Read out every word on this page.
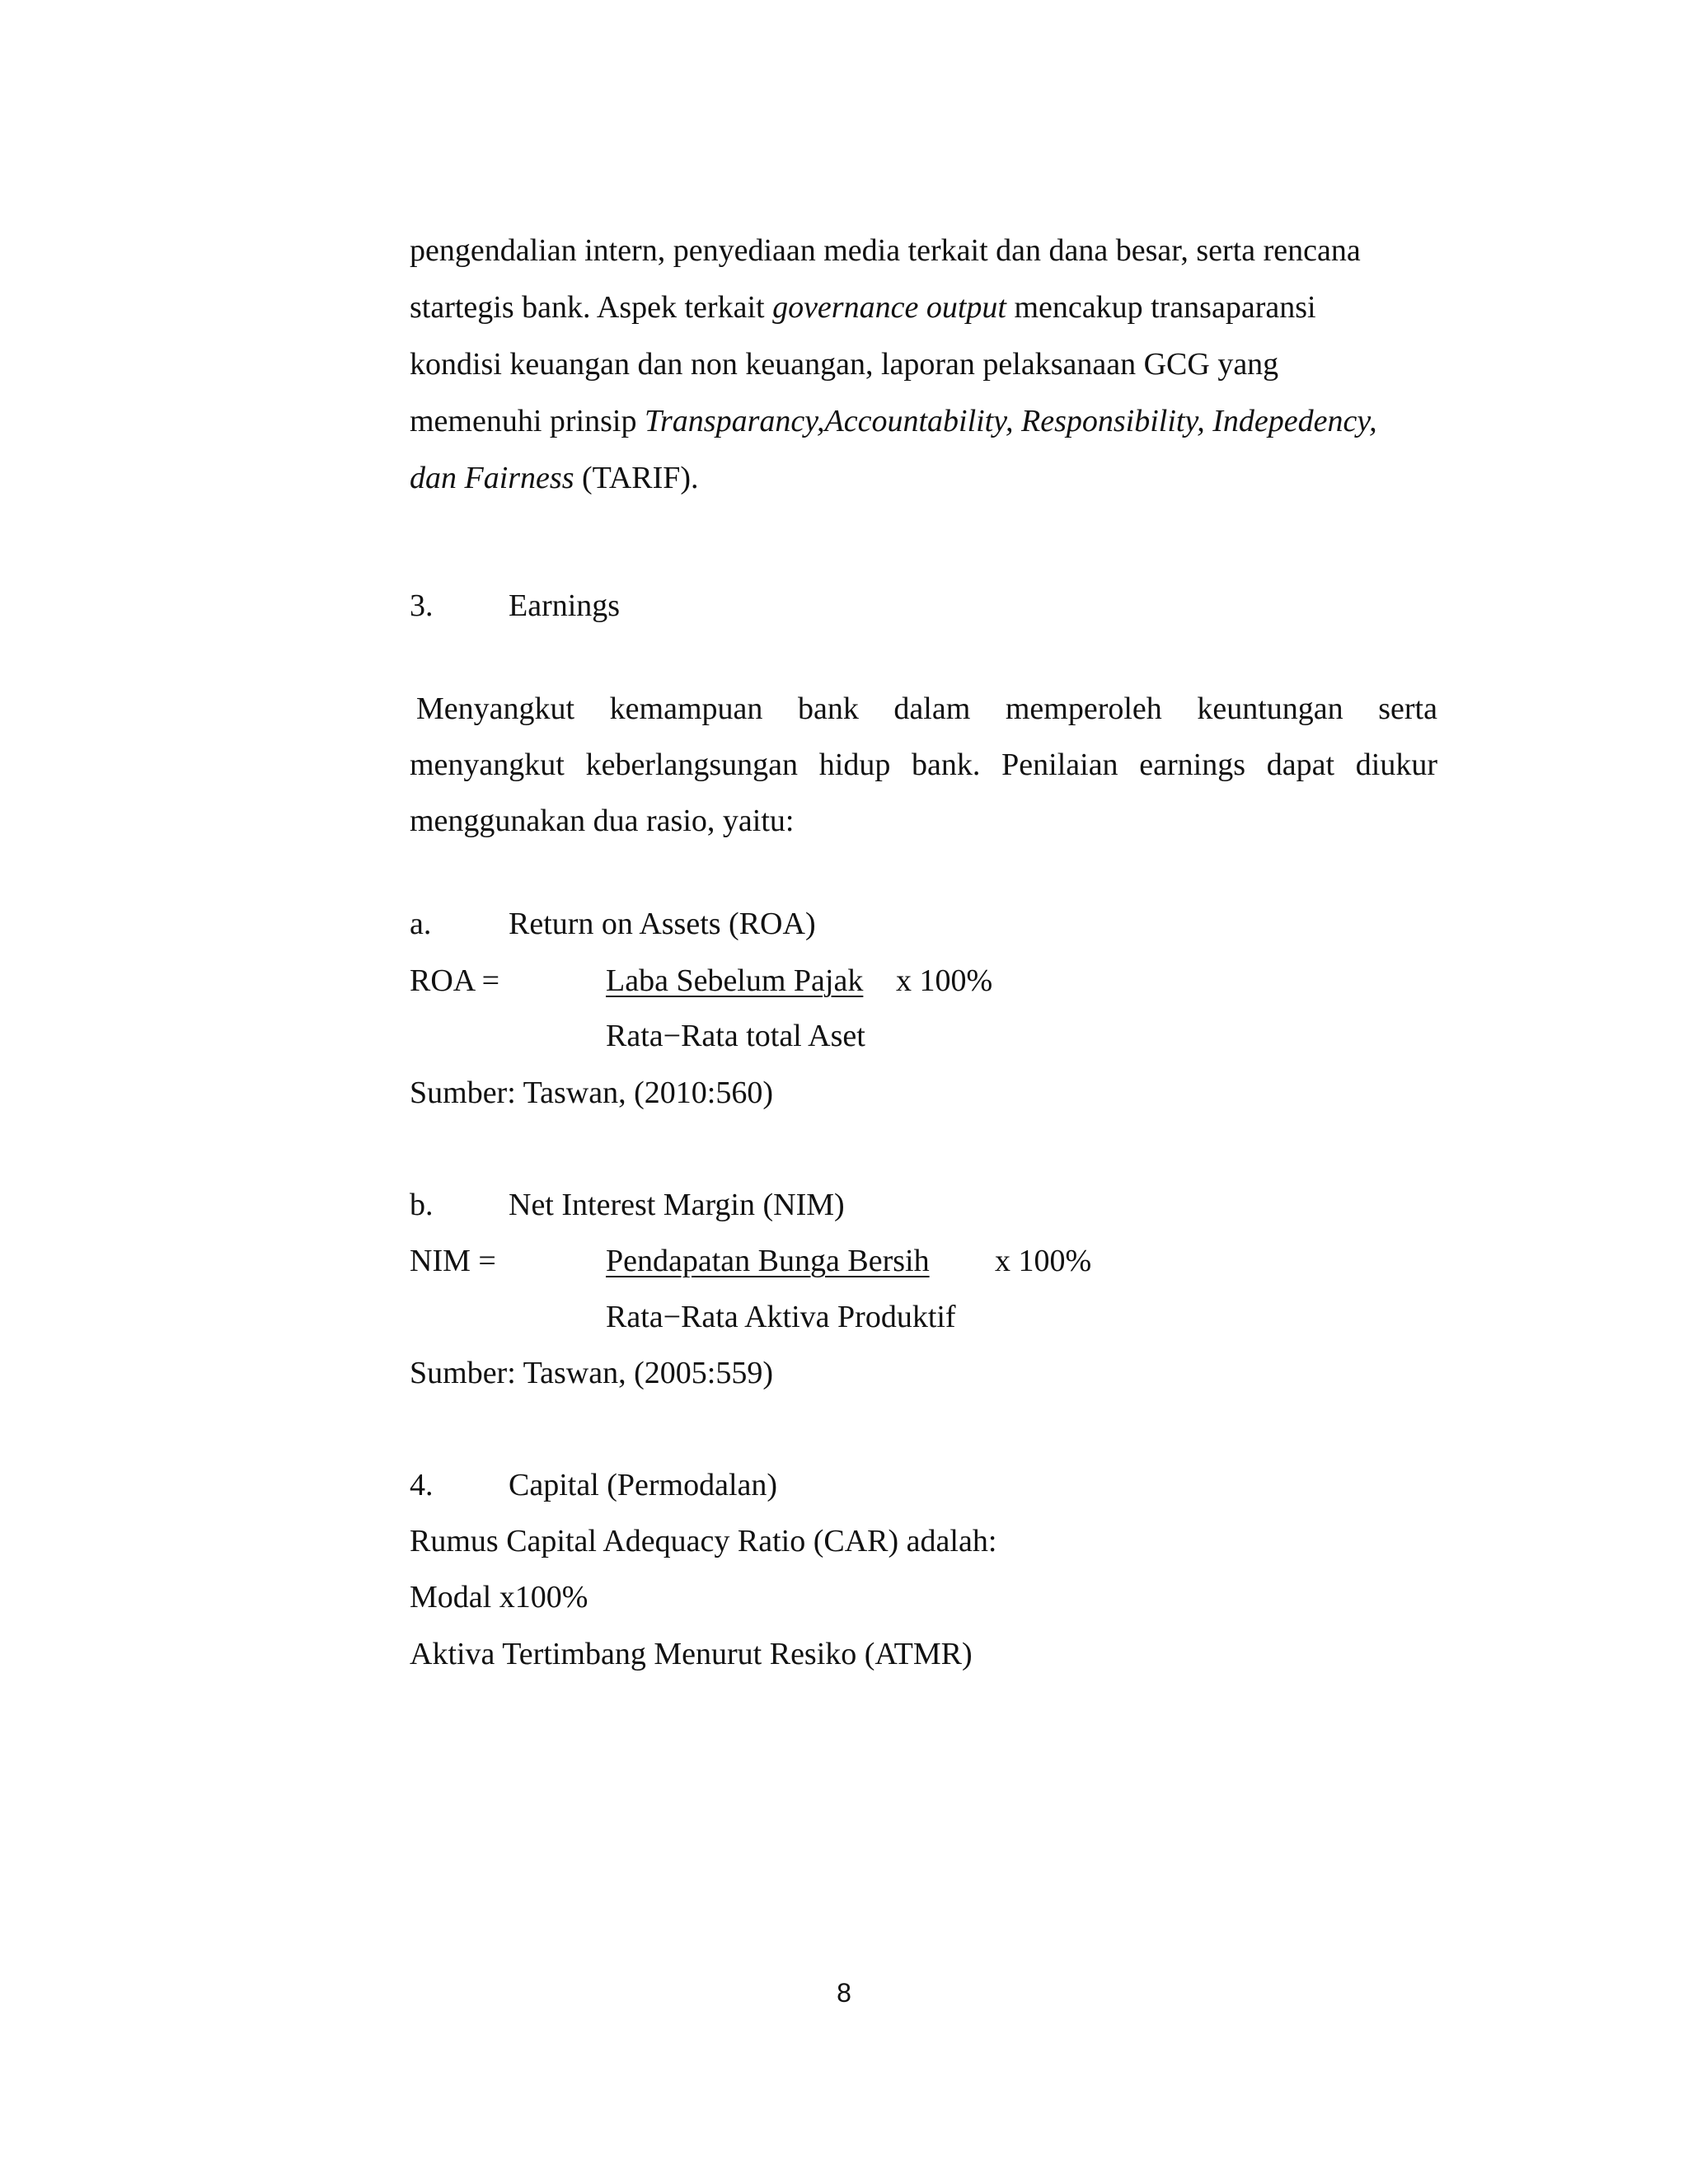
pengendalian intern, penyediaan media terkait dan dana besar, serta rencana

startegis bank. Aspek terkait governance output mencakup transaparansi

kondisi keuangan dan non keuangan, laporan pelaksanaan GCG yang

memenuhi prinsip Transparancy,Accountability, Responsibility, Indepedency,

dan Fairness (TARIF).

3. Earnings

Menyangkut kemampuan bank dalam memperoleh keuntungan serta

menyangkut keberlangsungan hidup bank. Penilaian earnings dapat diukur

menggunakan dua rasio, yaitu:

a. Return on Assets (ROA)
ROA =	Laba Sebelum Pajak x 100%
Rata−Rata total Aset

Sumber: Taswan, (2010:560)

b. Net Interest Margin (NIM)
NIM =	Pendapatan Bunga Bersih x 100%
Rata−Rata Aktiva Produktif

Sumber: Taswan, (2005:559)

4. Capital (Permodalan)

Rumus Capital Adequacy Ratio (CAR) adalah:

Modal x100%

Aktiva Tertimbang Menurut Resiko (ATMR)

8
